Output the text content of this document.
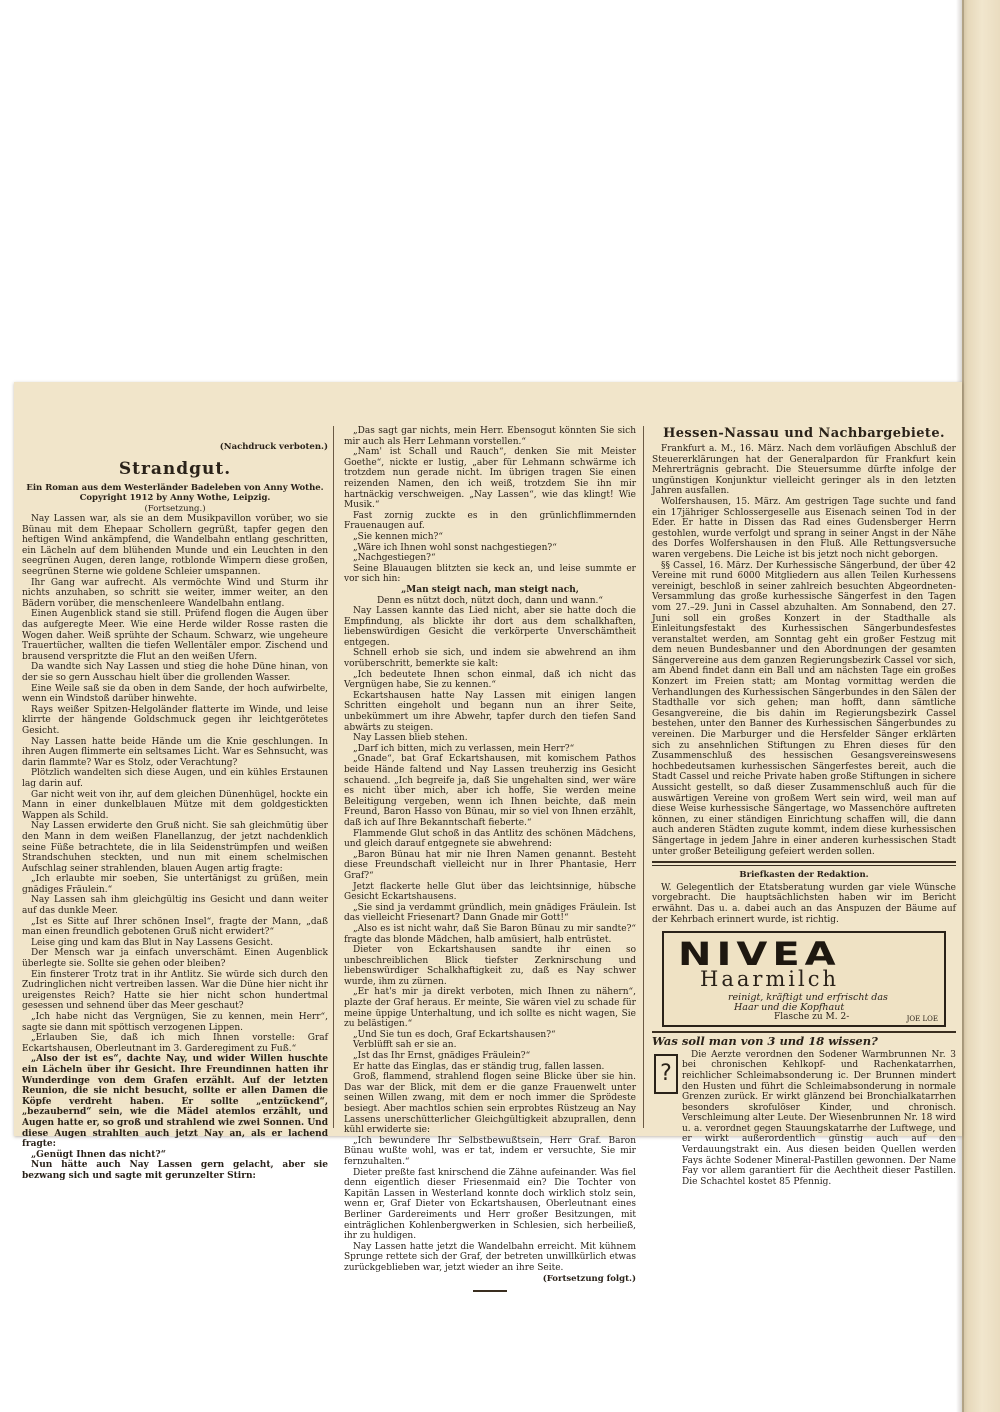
(Nachdruck verboten.)

Strandgut.

Ein Roman aus dem Westerländer Badeleben von Anny Wothe.

Copyright 1912 by Anny Wothe, Leipzig.

(Fortsetzung.)

Nay Lassen war, als sie an dem Musikpavillon vorüber, wo sie Bünau mit dem Ehepaar Schollern gegrüßt, tapfer gegen den heftigen Wind ankämpfend, die Wandelbahn entlang geschritten, ein Lächeln auf dem blühenden Munde und ein Leuchten in den seegrünen Augen, deren lange, rotblonde Wimpern diese großen, seegrünen Sterne wie goldene Schleier umspannen.

Ihr Gang war aufrecht. Als vermöchte Wind und Sturm ihr nichts anzuhaben, so schritt sie weiter, immer weiter, an den Bädern vorüber, die menschenleere Wandelbahn entlang.

Einen Augenblick stand sie still. Prüfend flogen die Augen über das aufgeregte Meer. Wie eine Herde wilder Rosse rasten die Wogen daher. Weiß sprühte der Schaum. Schwarz, wie ungeheure Trauertücher, wallten die tiefen Wellentäler empor. Zischend und brausend verspritzte die Flut an den weißen Ufern.

Da wandte sich Nay Lassen und stieg die hohe Düne hinan, von der sie so gern Ausschau hielt über die grollenden Wasser.

Eine Weile saß sie da oben in dem Sande, der hoch aufwirbelte, wenn ein Windstoß darüber hinwehte.

Rays weißer Spitzen-Helgoländer flatterte im Winde, und leise klirrte der hängende Goldschmuck gegen ihr leichtgerötetes Gesicht.

Nay Lassen hatte beide Hände um die Knie geschlungen. In ihren Augen flimmerte ein seltsames Licht. War es Sehnsucht, was darin flammte? War es Stolz, oder Verachtung?

Plötzlich wandelten sich diese Augen, und ein kühles Erstaunen lag darin auf.

Gar nicht weit von ihr, auf dem gleichen Dünenhügel, hockte ein Mann in einer dunkelblauen Mütze mit dem goldgestickten Wappen als Schild.

Nay Lassen erwiderte den Gruß nicht. Sie sah gleichmütig über den Mann in dem weißen Flanellanzug, der jetzt nachdenklich seine Füße betrachtete, die in lila Seidenstrümpfen und weißen Strandschuhen steckten, und nun mit einem schelmischen Aufschlag seiner strahlenden, blauen Augen artig fragte:

„Ich erlaubte mir soeben, Sie untertänigst zu grüßen, mein gnädiges Fräulein.“

Nay Lassen sah ihm gleichgültig ins Gesicht und dann weiter auf das dunkle Meer.

„Ist es Sitte auf Ihrer schönen Insel“, fragte der Mann, „daß man einen freundlich gebotenen Gruß nicht erwidert?“

Leise ging und kam das Blut in Nay Lassens Gesicht.

Der Mensch war ja einfach unverschämt. Einen Augenblick überlegte sie. Sollte sie gehen oder bleiben?

Ein finsterer Trotz trat in ihr Antlitz. Sie würde sich durch den Zudringlichen nicht vertreiben lassen. War die Düne hier nicht ihr ureigenstes Reich? Hatte sie hier nicht schon hundertmal gesessen und sehnend über das Meer geschaut?

„Ich habe nicht das Vergnügen, Sie zu kennen, mein Herr“, sagte sie dann mit spöttisch verzogenen Lippen.

„Erlauben Sie, daß ich mich Ihnen vorstelle: Graf Eckartshausen, Oberleutnant im 3. Garderegiment zu Fuß.“

„Also der ist es“, dachte Nay, und wider Willen huschte ein Lächeln über ihr Gesicht. Ihre Freundinnen hatten ihr Wunderdinge von dem Grafen erzählt. Auf der letzten Reunion, die sie nicht besucht, sollte er allen Damen die Köpfe verdreht haben. Er sollte „entzückend“, „bezaubernd“ sein, wie die Mädel atemlos erzählt, und Augen hatte er, so groß und strahlend wie zwei Sonnen. Und diese Augen strahlten auch jetzt Nay an, als er lachend fragte:

„Genügt Ihnen das nicht?“

Nun hätte auch Nay Lassen gern gelacht, aber sie bezwang sich und sagte mit gerunzelter Stirn:

„Das sagt gar nichts, mein Herr. Ebensogut könnten Sie sich mir auch als Herr Lehmann vorstellen.“

„Nam' ist Schall und Rauch“, denken Sie mit Meister Goethe“, nickte er lustig, „aber für Lehmann schwärme ich trotzdem nun gerade nicht. Im übrigen tragen Sie einen reizenden Namen, den ich weiß, trotzdem Sie ihn mir hartnäckig verschweigen. „Nay Lassen“, wie das klingt! Wie Musik.“

Fast zornig zuckte es in den grünlichflimmernden Frauenaugen auf.

„Sie kennen mich?“

„Wäre ich Ihnen wohl sonst nachgestiegen?“

„Nachgestiegen?“

Seine Blauaugen blitzten sie keck an, und leise summte er vor sich hin:

„Man steigt nach, man steigt nach,

Denn es nützt doch, nützt doch, dann und wann.“

Nay Lassen kannte das Lied nicht, aber sie hatte doch die Empfindung, als blickte ihr dort aus dem schalkhaften, liebenswürdigen Gesicht die verkörperte Unverschämtheit entgegen.

Schnell erhob sie sich, und indem sie abwehrend an ihm vorüberschritt, bemerkte sie kalt:

„Ich bedeutete Ihnen schon einmal, daß ich nicht das Vergnügen habe, Sie zu kennen.“

Eckartshausen hatte Nay Lassen mit einigen langen Schritten eingeholt und begann nun an ihrer Seite, unbekümmert um ihre Abwehr, tapfer durch den tiefen Sand abwärts zu steigen.

Nay Lassen blieb stehen.

„Darf ich bitten, mich zu verlassen, mein Herr?“

„Gnade“, bat Graf Eckartshausen, mit komischem Pathos beide Hände faltend und Nay Lassen treuherzig ins Gesicht schauend. „Ich begreife ja, daß Sie ungehalten sind, wer wäre es nicht über mich, aber ich hoffe, Sie werden meine Beleitigung vergeben, wenn ich Ihnen beichte, daß mein Freund, Baron Hasso von Bünau, mir so viel von Ihnen erzählt, daß ich auf Ihre Bekanntschaft fieberte.“

Flammende Glut schoß in das Antlitz des schönen Mädchens, und gleich darauf entgegnete sie abwehrend:

„Baron Bünau hat mir nie Ihren Namen genannt. Besteht diese Freundschaft vielleicht nur in Ihrer Phantasie, Herr Graf?“

Jetzt flackerte helle Glut über das leichtsinnige, hübsche Gesicht Eckartshausens.

„Sie sind ja verdammt gründlich, mein gnädiges Fräulein. Ist das vielleicht Friesenart? Dann Gnade mir Gott!“

„Also es ist nicht wahr, daß Sie Baron Bünau zu mir sandte?“ fragte das blonde Mädchen, halb amüsiert, halb entrüstet.

Dieter von Eckartshausen sandte ihr einen so unbeschreiblichen Blick tiefster Zerknirschung und liebenswürdiger Schalkhaftigkeit zu, daß es Nay schwer wurde, ihm zu zürnen.

„Er hat's mir ja direkt verboten, mich Ihnen zu nähern“, plazte der Graf heraus. Er meinte, Sie wären viel zu schade für meine üppige Unterhaltung, und ich sollte es nicht wagen, Sie zu belästigen.“

„Und Sie tun es doch, Graf Eckartshausen?“

Verblüfft sah er sie an.

„Ist das Ihr Ernst, gnädiges Fräulein?“

Er hatte das Einglas, das er ständig trug, fallen lassen.

Groß, flammend, strahlend flogen seine Blicke über sie hin. Das war der Blick, mit dem er die ganze Frauenwelt unter seinen Willen zwang, mit dem er noch immer die Sprödeste besiegt. Aber machtlos schien sein erprobtes Rüstzeug an Nay Lassens unerschütterlicher Gleichgültigkeit abzuprallen, denn kühl erwiderte sie:

„Ich bewundere Ihr Selbstbewußtsein, Herr Graf. Baron Bünau wußte wohl, was er tat, indem er versuchte, Sie mir fernzuhalten.“

Dieter preßte fast knirschend die Zähne aufeinander. Was fiel denn eigentlich dieser Friesenmaid ein? Die Tochter von Kapitän Lassen in Westerland konnte doch wirklich stolz sein, wenn er, Graf Dieter von Eckartshausen, Oberleutnant eines Berliner Gardereiments und Herr großer Besitzungen, mit einträglichen Kohlenbergwerken in Schlesien, sich herbeiließ, ihr zu huldigen.

Nay Lassen hatte jetzt die Wandelbahn erreicht. Mit kühnem Sprunge rettete sich der Graf, der betreten unwillkürlich etwas zurückgeblieben war, jetzt wieder an ihre Seite.

(Fortsetzung folgt.)

Hessen-Nassau und Nachbargebiete.

Frankfurt a. M., 16. März. Nach dem vorläufigen Abschluß der Steuererklärungen hat der Generalpardon für Frankfurt kein Mehrerträgnis gebracht. Die Steuersumme dürfte infolge der ungünstigen Konjunktur vielleicht geringer als in den letzten Jahren ausfallen.

Wolfershausen, 15. März. Am gestrigen Tage suchte und fand ein 17jähriger Schlossergeselle aus Eisenach seinen Tod in der Eder. Er hatte in Dissen das Rad eines Gudensberger Herrn gestohlen, wurde verfolgt und sprang in seiner Angst in der Nähe des Dorfes Wolfershausen in den Fluß. Alle Rettungsversuche waren vergebens. Die Leiche ist bis jetzt noch nicht geborgen.

§§ Cassel, 16. März. Der Kurhessische Sängerbund, der über 42 Vereine mit rund 6000 Mitgliedern aus allen Teilen Kurhessens vereinigt, beschloß in seiner zahlreich besuchten Abgeordneten-Versammlung das große kurhessische Sängerfest in den Tagen vom 27.–29. Juni in Cassel abzuhalten. Am Sonnabend, den 27. Juni soll ein großes Konzert in der Stadthalle als Einleitungsfestakt des Kurhessischen Sängerbundesfestes veranstaltet werden, am Sonntag geht ein großer Festzug mit dem neuen Bundesbanner und den Abordnungen der gesamten Sängervereine aus dem ganzen Regierungsbezirk Cassel vor sich, am Abend findet dann ein Ball und am nächsten Tage ein großes Konzert im Freien statt; am Montag vormittag werden die Verhandlungen des Kurhessischen Sängerbundes in den Sälen der Stadthalle vor sich gehen; man hofft, dann sämtliche Gesangvereine, die bis dahin im Regierungsbezirk Cassel bestehen, unter den Banner des Kurhessischen Sängerbundes zu vereinen. Die Marburger und die Hersfelder Sänger erklärten sich zu ansehnlichen Stiftungen zu Ehren dieses für den Zusammenschluß des hessischen Gesangsvereinswesens hochbedeutsamen kurhessischen Sängerfestes bereit, auch die Stadt Cassel und reiche Private haben große Stiftungen in sichere Aussicht gestellt, so daß dieser Zusammenschluß auch für die auswärtigen Vereine von großem Wert sein wird, weil man auf diese Weise kurhessische Sängertage, wo Massenchöre auftreten können, zu einer ständigen Einrichtung schaffen will, die dann auch anderen Städten zugute kommt, indem diese kurhessischen Sängertage in jedem Jahre in einer anderen kurhessischen Stadt unter großer Beteiligung gefeiert werden sollen.

Briefkasten der Redaktion.

W. Gelegentlich der Etatsberatung wurden gar viele Wünsche vorgebracht. Die hauptsächlichsten haben wir im Bericht erwähnt. Das u. a. dabei auch an das Anspuzen der Bäume auf der Kehrbach erinnert wurde, ist richtig.

NIVEA
Haarmilch
reinigt, kräftigt und erfrischt das
Haar und die Kopfhaut
Flasche zu M. 2-	JOE LOE

Was soll man von 3 und 18 wissen?

?

Die Aerzte verordnen den Sodener Warmbrunnen Nr. 3 bei chronischen Kehlkopf- und Rachenkatarrhen, reichlicher Schleimabsonderung ic. Der Brunnen mindert den Husten und führt die Schleimabsonderung in normale Grenzen zurück. Er wirkt glänzend bei Bronchialkatarrhen besonders skrofulöser Kinder, und chronisch. Verschleimung alter Leute. Der Wiesenbrunnen Nr. 18 wird u. a. verordnet gegen Stauungskatarrhe der Luftwege, und er wirkt außerordentlich günstig auch auf den Verdauungstrakt ein. Aus diesen beiden Quellen werden Fays ächte Sodener Mineral-Pastillen gewonnen. Der Name Fay vor allem garantiert für die Aechtheit dieser Pastillen. Die Schachtel kostet 85 Pfennig.
